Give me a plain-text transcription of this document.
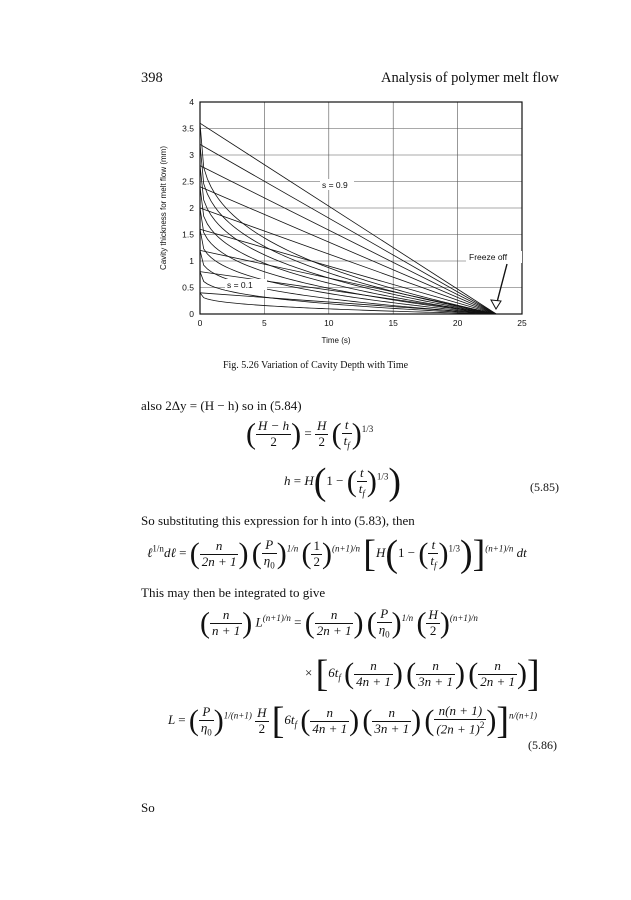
398	Analysis of polymer melt flow
0	5	10	15	20	25
0
0.5
1
1.5
2
2.5
3
3.5
4
Time (s)
Cavity thickness for melt flow (mm)	s = 0.9
s = 0.1
Freeze off
Fig. 5.26 Variation of Cavity Depth with Time
also 2Δy = (H − h) so in (5.84)
( $\frac{H - h}{2}$ ) = $\frac{H}{2}$ ( $\frac{t}{t_f} )^{1/3}$
h = H(1 − ( $\frac{t}{t_f} )^{1/3}$)	(5.85)
So substituting this expression for h into (5.83), then
ℓ$^{1/n}$dℓ = ( $\frac{n}{2n + 1}$ ) ( $\frac{P}{\eta_0} )^{1/n}$ ( $\frac{1}{2} )^{(n+1)/n}$ [H(1 − ( $\frac{t}{t_f} )^{1/3})]^{(n+1)/n}$ dt
This may then be integrated to give
( $\frac{n}{n + 1}$ ) $L^{(n+1)/n}$ = ( $\frac{n}{2n + 1}$ ) ( $\frac{P}{\eta_0} )^{1/n}$ ( $\frac{H}{2} )^{(n+1)/n}$
× [$6t_f$ ( $\frac{n}{4n + 1}$ ) ( $\frac{n}{3n + 1}$ ) ( $\frac{n}{2n + 1}$ )]
So
L = ( $\frac{P}{\eta_0} )^{1/(n+1)} \frac{H}{2} [6t_f$ ( $\frac{n}{4n + 1}$ ) ( $\frac{n}{3n + 1}$ ) ( $\frac{n(n + 1)}{(2n + 1)^2} )]^{n/(n+1)}$
(5.86)
